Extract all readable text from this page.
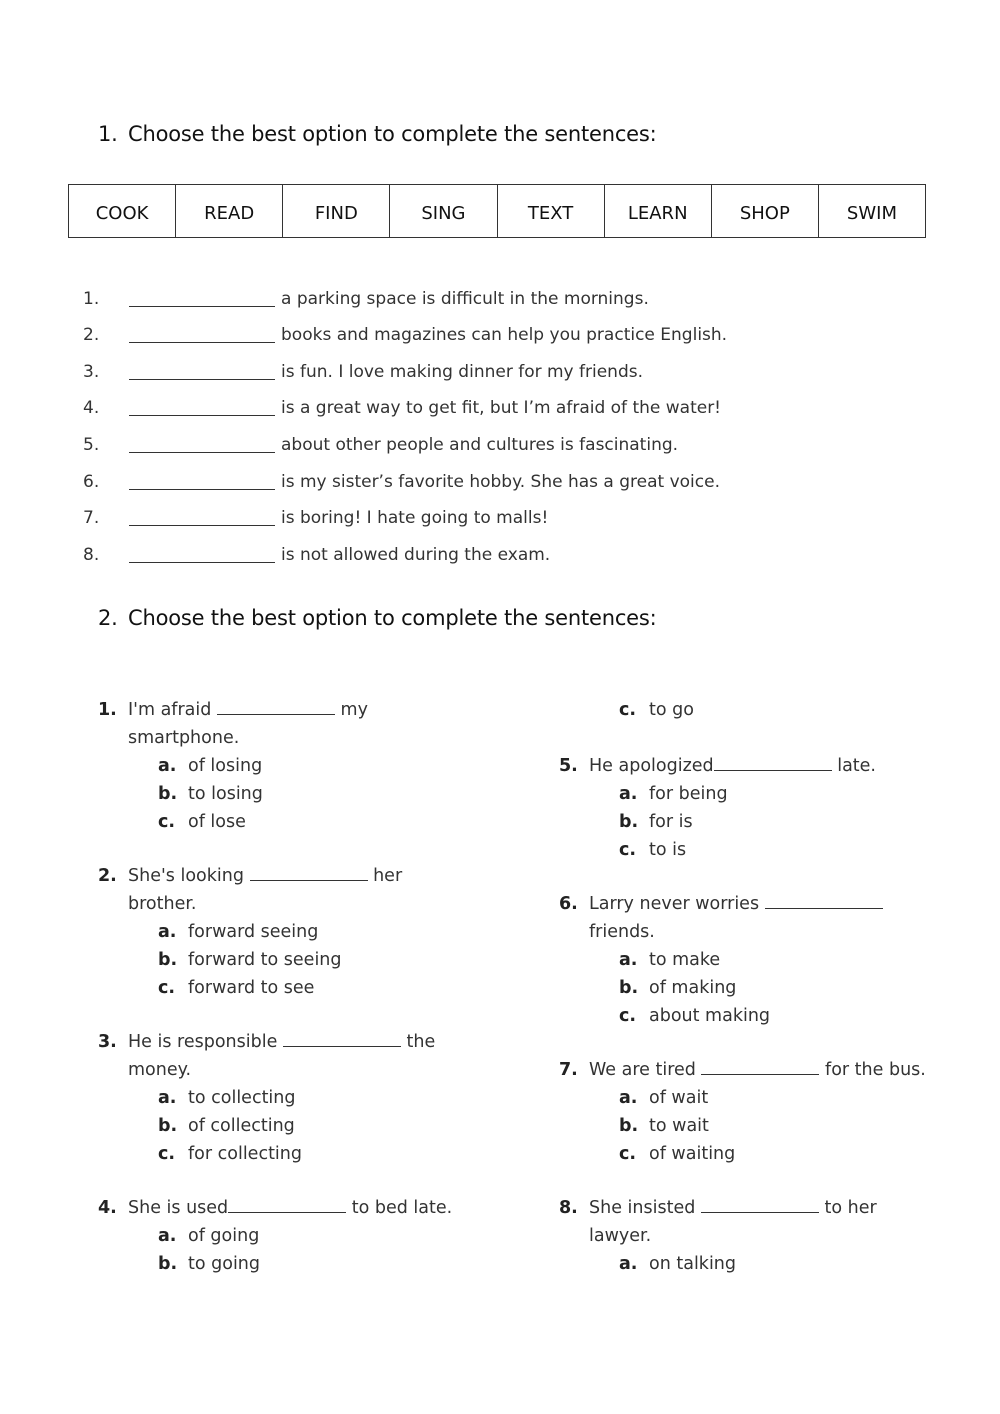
1. Choose the best option to complete the sentences:
COOK	READ	FIND	SING	TEXT	LEARN	SHOP	SWIM
1.	a parking space is difficult in the mornings.
2.	books and magazines can help you practice English.
3.	is fun. I love making dinner for my friends.
4.	is a great way to get fit, but I’m afraid of the water!
5.	about other people and cultures is fascinating.
6.	is my sister’s favorite hobby. She has a great voice.
7.	is boring! I hate going to malls!
8.	is not allowed during the exam.
2. Choose the best option to complete the sentences:
1. I'm afraid	my
smartphone.
a. of losing
b. to losing
c. of lose
2. She's looking	her
brother.
a. forward seeing
b. forward to seeing
c. forward to see
3. He is responsible	the
money.
a. to collecting
b. of collecting
c. for collecting
4. She is used	to bed late.
a. of going
b. to going
c. to go
5. He apologized	late.
a. for being
b. for is
c. to is
6. Larry never worries
friends.
a. to make
b. of making
c. about making
7. We are tired	for the bus.
a. of wait
b. to wait
c. of waiting
8. She insisted	to her
lawyer.
a. on talking
